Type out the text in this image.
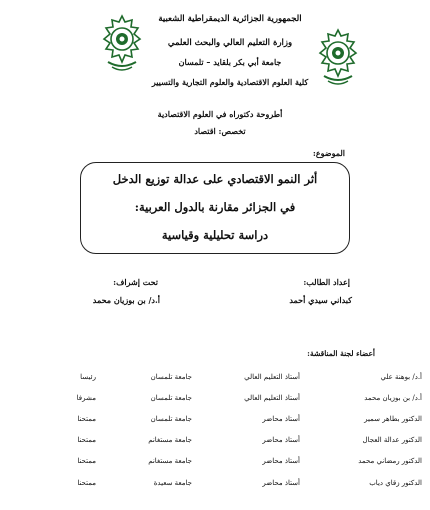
الجمهورية الجزائرية الديمقراطية الشعبية
وزارة التعليم العالي والبحث العلمي
جامعة أبي بكر بلقايد – تلمسان
كلية العلوم الاقتصادية والعلوم التجارية والتسيير
أطروحة دكتوراه في العلوم الاقتصادية
تخصص: اقتصاد
الموضوع:
أثر النمو الاقتصادي على عدالة توزيع الدخل
في الجزائر مقارنة بالدول العربية:
دراسة تحليلية وقياسية
إعداد الطالب:
كبداني سيدي أحمد
تحت إشراف:
أ.د/ بن بوزيان محمد
أعضاء لجنة المناقشة:
أ.د/ بوهنة علي	أستاذ التعليم العالي	جامعة تلمسان	رئيسا
أ.د/ بن بوزيان محمد	أستاذ التعليم العالي	جامعة تلمسان	مشرفا
الدكتور بطاهر سمير	أستاذ محاضر	جامعة تلمسان	ممتحنا
الدكتور عدالة العجال	أستاذ محاضر	جامعة مستغانم	ممتحنا
الدكتور رمضاني محمد	أستاذ محاضر	جامعة مستغانم	ممتحنا
الدكتور زقاي دياب	أستاذ محاضر	جامعة سعيدة	ممتحنا
